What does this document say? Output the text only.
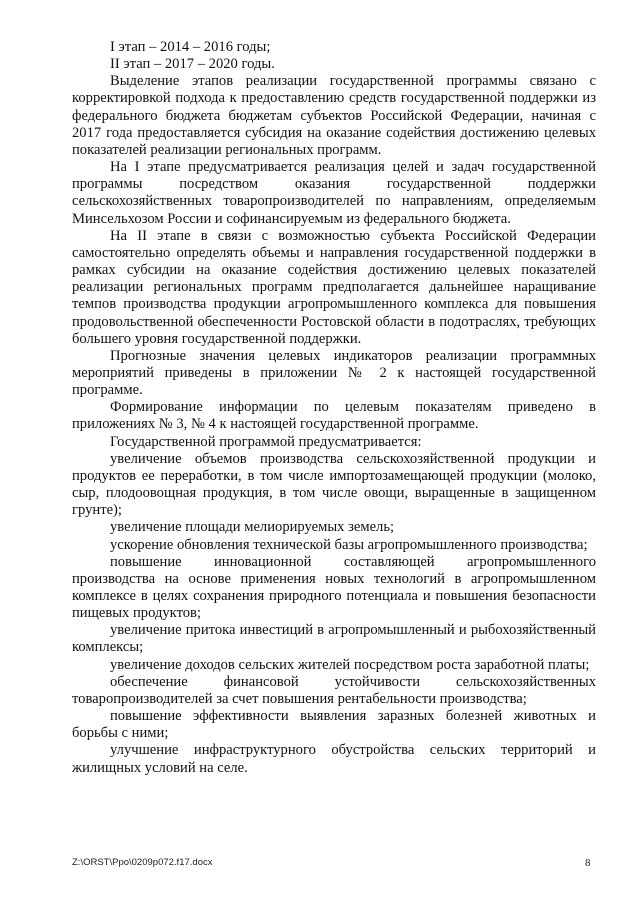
I этап – 2014 – 2016 годы;

II этап – 2017 – 2020 годы.

Выделение этапов реализации государственной программы связано с корректировкой подхода к предоставлению средств государственной поддержки из федерального бюджета бюджетам субъектов Российской Федерации, начиная с 2017 года предоставляется субсидия на оказание содействия достижению целевых показателей реализации региональных программ.

На I этапе предусматривается реализация целей и задач государственной программы посредством оказания государственной поддержки сельскохозяйственных товаропроизводителей по направлениям, определяемым Минсельхозом России и софинансируемым из федерального бюджета.

На II этапе в связи с возможностью субъекта Российской Федерации самостоятельно определять объемы и направления государственной поддержки в рамках субсидии на оказание содействия достижению целевых показателей реализации региональных программ предполагается дальнейшее наращивание темпов производства продукции агропромышленного комплекса для повышения продовольственной обеспеченности Ростовской области в подотраслях, требующих большего уровня государственной поддержки.

Прогнозные значения целевых индикаторов реализации программных мероприятий приведены в приложении № 2 к настоящей государственной программе.

Формирование информации по целевым показателям приведено в приложениях № 3, № 4 к настоящей государственной программе.

Государственной программой предусматривается:

увеличение объемов производства сельскохозяйственной продукции и продуктов ее переработки, в том числе импортозамещающей продукции (молоко, сыр, плодоовощная продукция, в том числе овощи, выращенные в защищенном грунте);

увеличение площади мелиорируемых земель;

ускорение обновления технической базы агропромышленного производства;

повышение инновационной составляющей агропромышленного производства на основе применения новых технологий в агропромышленном комплексе в целях сохранения природного потенциала и повышения безопасности пищевых продуктов;

увеличение притока инвестиций в агропромышленный и рыбохозяйственный комплексы;

увеличение доходов сельских жителей посредством роста заработной платы;

обеспечение финансовой устойчивости сельскохозяйственных товаропроизводителей за счет повышения рентабельности производства;

повышение эффективности выявления заразных болезней животных и борьбы с ними;

улучшение инфраструктурного обустройства сельских территорий и жилищных условий на селе.

Z:\ORST\Ppo\0209p072.f17.docx	8
